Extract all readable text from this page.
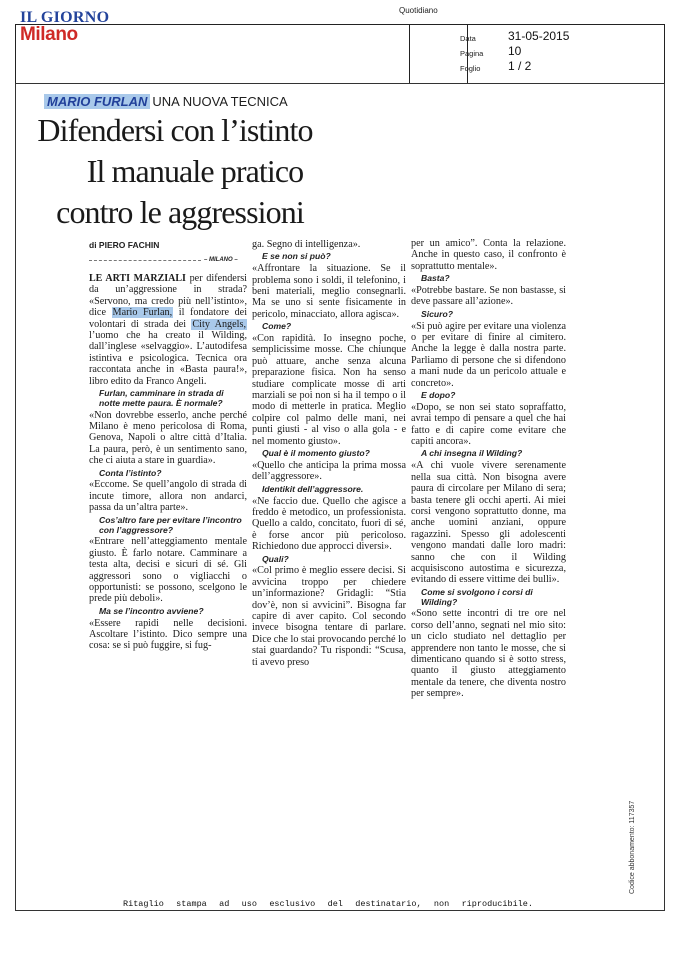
IL GIORNO
Milano
Quotidiano
Data	31-05-2015
Pagina 10
Foglio 1 / 2
MARIO FURLAN UNA NUOVA TECNICA
Difendersi con l’istinto
Il manuale pratico
contro le aggressioni
di PIERO FACHIN
– MILANO –

LE ARTI MARZIALI per difendersi da un’aggressione in strada? «Servono, ma credo più nell’istinto», dice Mario Furlan, il fondatore dei volontari di strada dei City Angels, l’uomo che ha creato il Wilding, dall’inglese «selvaggio». L’autodifesa istintiva e psicologica. Tecnica ora raccontata anche in «Basta paura!», libro edito da Franco Angeli.

Furlan, camminare in strada di notte mette paura. È normale?

«Non dovrebbe esserlo, anche perché Milano è meno pericolosa di Roma, Genova, Napoli o altre città d’Italia. La paura, però, è un sentimento sano, che ci aiuta a stare in guardia».

Conta l’istinto?

«Eccome. Se quell’angolo di strada di incute timore, allora non andarci, passa da un’altra parte».

Cos’altro fare per evitare l’incontro con l’aggressore?

«Entrare nell’atteggiamento mentale giusto. È farlo notare. Camminare a testa alta, decisi e sicuri di sé. Gli aggressori sono o vigliacchi o opportunisti: se possono, scelgono le prede più deboli».

Ma se l’incontro avviene?

«Essere rapidi nelle decisioni. Ascoltare l’istinto. Dico sempre una cosa: se si può fuggire, si fug-

ga. Segno di intelligenza».

E se non si può?

«Affrontare la situazione. Se il problema sono i soldi, il telefonino, i beni materiali, meglio consegnarli. Ma se uno si sente fisicamente in pericolo, minacciato, allora agisca».

Come?

«Con rapidità. Io insegno poche, semplicissime mosse. Che chiunque può attuare, anche senza alcuna preparazione fisica. Non ha senso studiare complicate mosse di arti marziali se poi non si ha il tempo o il modo di metterle in pratica. Meglio colpire col palmo delle mani, nei punti giusti - al viso o alla gola - e nel momento giusto».

Qual è il momento giusto?

«Quello che anticipa la prima mossa dell’aggressore».

Identikit dell’aggressore.

«Ne faccio due. Quello che agisce a freddo è metodico, un professionista. Quello a caldo, concitato, fuori di sé, è forse ancor più pericoloso. Richiedono due approcci diversi».

Quali?

«Col primo è meglio essere decisi. Si avvicina troppo per chiedere un’informazione? Gridagli: “Stia dov’è, non si avvicini”. Bisogna far capire di aver capito. Col secondo invece bisogna tentare di parlare. Dice che lo stai provocando perché lo stai guardando? Tu rispondi: “Scusa, ti avevo preso

per un amico”. Conta la relazione. Anche in questo caso, il confronto è soprattutto mentale».

Basta?

«Potrebbe bastare. Se non bastasse, si deve passare all’azione».

Sicuro?

«Si può agire per evitare una violenza o per evitare di finire al cimitero. Anche la legge è dalla nostra parte. Parliamo di persone che si difendono a mani nude da un pericolo attuale e concreto».

E dopo?

«Dopo, se non sei stato sopraffatto, avrai tempo di pensare a quel che hai fatto e di capire come evitare che capiti ancora».

A chi insegna il Wilding?

«A chi vuole vivere serenamente nella sua città. Non bisogna avere paura di circolare per Milano di sera; basta tenere gli occhi aperti. Ai miei corsi vengono soprattutto donne, ma anche uomini anziani, oppure ragazzini. Spesso gli adolescenti vengono mandati dalle loro madri: sanno che con il Wilding acquisiscono autostima e sicurezza, evitando di essere vittime dei bulli».

Come si svolgono i corsi di Wilding?

«Sono sette incontri di tre ore nel corso dell’anno, segnati nel mio sito: un ciclo studiato nel dettaglio per apprendere non tanto le mosse, che si dimenticano quando si è sotto stress, quanto il giusto atteggiamento mentale da tenere, che diventa nostro per sempre».

Ritaglio stampa ad uso esclusivo del destinatario, non riproducibile.
Codice abbonamento: 117357
